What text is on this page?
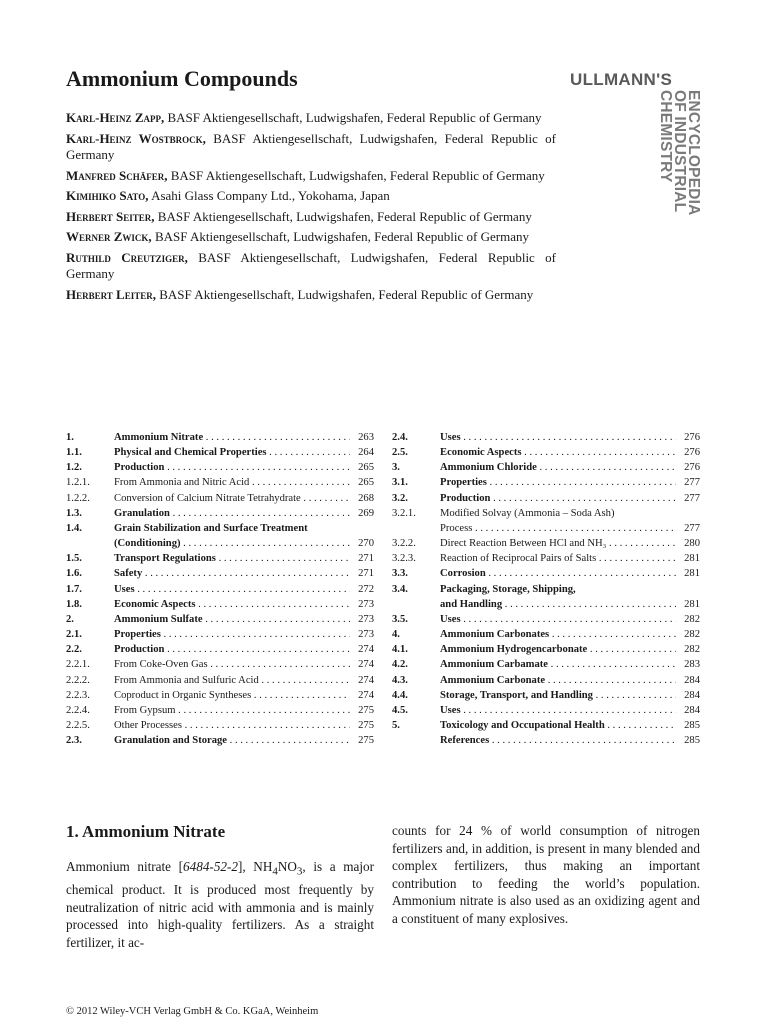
Ammonium Compounds	ULLMANN'S
ENCYCLOPEDIA
OF INDUSTRIAL
CHEMISTRY
Karl-Heinz Zapp, BASF Aktiengesellschaft, Ludwigshafen, Federal Republic of Germany
Karl-Heinz Wostbrock, BASF Aktiengesellschaft, Ludwigshafen, Federal Republic of Germany
Manfred Schäfer, BASF Aktiengesellschaft, Ludwigshafen, Federal Republic of Germany
Kimihiko Sato, Asahi Glass Company Ltd., Yokohama, Japan
Herbert Seiter, BASF Aktiengesellschaft, Ludwigshafen, Federal Republic of Germany
Werner Zwick, BASF Aktiengesellschaft, Ludwigshafen, Federal Republic of Germany
Ruthild Creutziger, BASF Aktiengesellschaft, Ludwigshafen, Federal Republic of Germany
Herbert Leiter, BASF Aktiengesellschaft, Ludwigshafen, Federal Republic of Germany
1.	Ammonium Nitrate . . .	263
1.1.	Physical and Chemical Properties . . .	264
1.2.	Production . . .	265
1.2.1.	From Ammonia and Nitric Acid . . .	265
1.2.2.	Conversion of Calcium Nitrate Tetrahydrate . . .	268
1.3.	Granulation . . .	269
1.4.	Grain Stabilization and Surface Treatment
(Conditioning) . . .	270
1.5.	Transport Regulations . . .	271
1.6.	Safety . . .	271
1.7.	Uses . . .	272
1.8.	Economic Aspects . . .	273
2.	Ammonium Sulfate . . .	273
2.1.	Properties . . .	273
2.2.	Production . . .	274
2.2.1.	From Coke-Oven Gas . . .	274
2.2.2.	From Ammonia and Sulfuric Acid . . .	274
2.2.3.	Coproduct in Organic Syntheses . . .	274
2.2.4.	From Gypsum . . .	275
2.2.5.	Other Processes . . .	275
2.3.	Granulation and Storage . . .	275
2.4.	Uses . . .	276
2.5.	Economic Aspects . . .	276
3.	Ammonium Chloride . . .	276
3.1.	Properties . . .	277
3.2.	Production . . .	277
3.2.1.	Modified Solvay (Ammonia – Soda Ash)
Process . . .	277
3.2.2.	Direct Reaction Between HCl and NH₃ . . .	280
3.2.3.	Reaction of Reciprocal Pairs of Salts . . .	281
3.3.	Corrosion . . .	281
3.4.	Packaging, Storage, Shipping,
and Handling . . .	281
3.5.	Uses . . .	282
4.	Ammonium Carbonates . . .	282
4.1.	Ammonium Hydrogencarbonate . . .	282
4.2.	Ammonium Carbamate . . .	283
4.3.	Ammonium Carbonate . . .	284
4.4.	Storage, Transport, and Handling . . .	284
4.5.	Uses . . .	284
5.	Toxicology and Occupational Health . . .	285
References . . .	285
1. Ammonium Nitrate

Ammonium nitrate [6484-52-2], $NH_4NO_3$, is a major chemical product. It is produced most frequently by neutralization of nitric acid with ammonia and is mainly processed into high-quality fertilizers. As a straight fertilizer, it ac-

counts for 24 % of world consumption of nitrogen fertilizers and, in addition, is present in many blended and complex fertilizers, thus making an important contribution to feeding the world’s population. Ammonium nitrate is also used as an oxidizing agent and a constituent of many explosives.

© 2012 Wiley-VCH Verlag GmbH & Co. KGaA, Weinheim
